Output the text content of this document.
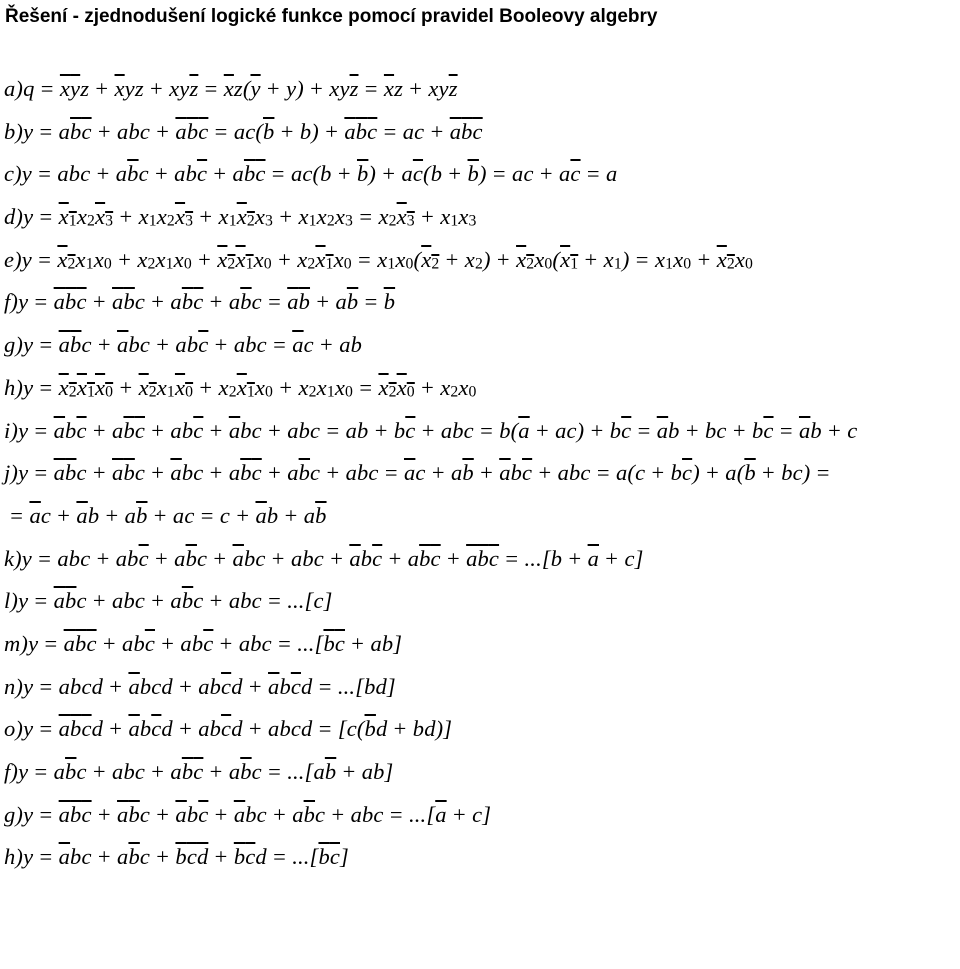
Řešení - zjednodušení logické funkce pomocí pravidel Booleovy algebry
$a)q = \overline{x}\overline{y}z + \overline{x}yz + xy\overline{z} = \overline{x}z(\overline{y} + y) + xy\overline{z} = \overline{x}z + xy\overline{z}$
$b)y = a\overline{b}\overline{c}$ + abc + $\overline{a}\overline{b}\overline{c} = ac(\overline{b} + b) + \overline{a}\overline{b}\overline{c}$ = ac + $\overline{a}\overline{b}\overline{c}$
c)y = abc + $a\overline{b}c + ab\overline{c} + a\overline{b}\overline{c} = ac(b + \overline{b}) + a\overline{c}(b + \overline{b})$ = ac + $a\overline{c} = a$
$d)y = x_1x_2x_3 + x_1x_2x_3 + x_1x_2x_3 + x_1x_2x_3 = x_2x_3 + x_1x_3$
$e)y = x_2x_1x_0 + x_2x_1x_0 + x_2x_1x_0 + x_2x_1x_0 = x_1x_0(x_2 + x_2) + x_2x_0(x_1 + x_1) = x_1x_0 + x_2x_0$
$f)y = \overline{a}\overline{b}\overline{c} + \overline{a}\overline{b}c + a\overline{b}\overline{c} + a\overline{b}c = \overline{a}\overline{b} + a\overline{b} = \overline{b}$
$g)y = \overline{a}\overline{b}c + \overline{a}bc + ab\overline{c}$ + abc = $\overline{a}c$ + ab
$h)y = x_2x_1x_0 + x_2x_1x_0 + x_2x_1x_0 + x_2x_1x_0 = x_2x_0 + x_2x_0$
$i)y = \overline{a}b\overline{c} + a\overline{b}\overline{c} + ab\overline{c} + \overline{a}bc$ + abc = ab + $b\overline{c}$ + abc = $b(\overline{a} + ac) + b\overline{c} = \overline{a}b$ + bc + $b\overline{c} = \overline{a}b + c$
$j)y = \overline{a}\overline{b}c + \overline{a}\overline{b}c + \overline{a}bc + a\overline{b}\overline{c} + a\overline{b}c$ + abc = $\overline{a}c + a\overline{b} + \overline{a}b\overline{c}$ + abc = $a(c + b\overline{c}) + a(\overline{b} + bc)$ =
= $\overline{a}c + \overline{a}b + a\overline{b}$ + ac = $c + \overline{a}b + a\overline{b}$
k)y = abc + $ab\overline{c} + a\overline{b}c + \overline{a}bc$ + abc + $\overline{a}b\overline{c} + a\overline{b}\overline{c} + \overline{a}\overline{b}\overline{c} = ...[b + \overline{a} + c]$
$l)y = \overline{a}\overline{b}c$ + abc + $a\overline{b}c$ + abc = ...[c]
$m)y = \overline{a}\overline{b}\overline{c} + ab\overline{c} + ab\overline{c}$ + abc = $...[\overline{b}\overline{c} + ab]$
n)y = abcd + $\overline{a}bcd + ab\overline{c}d + \overline{a}b\overline{c}d = ...[bd]$
$o)y = \overline{a}\overline{b}\overline{c}d + \overline{a}b\overline{c}d + ab\overline{c}d$ + abcd = $[c(\overline{b}d + bd)]$
$f)y = a\overline{b}c$ + abc + $a\overline{b}\overline{c} + a\overline{b}c = ...[a\overline{b} + ab]$
$g)y = \overline{a}\overline{b}\overline{c} + \overline{a}\overline{b}c + \overline{a}b\overline{c} + \overline{a}bc + a\overline{b}c$ + abc = $...[\overline{a} + c]$
$h)y = \overline{a}bc + a\overline{b}c + \overline{b}\overline{c}\overline{d} + \overline{b}\overline{c}d = ...[\overline{b}\overline{c}]$
